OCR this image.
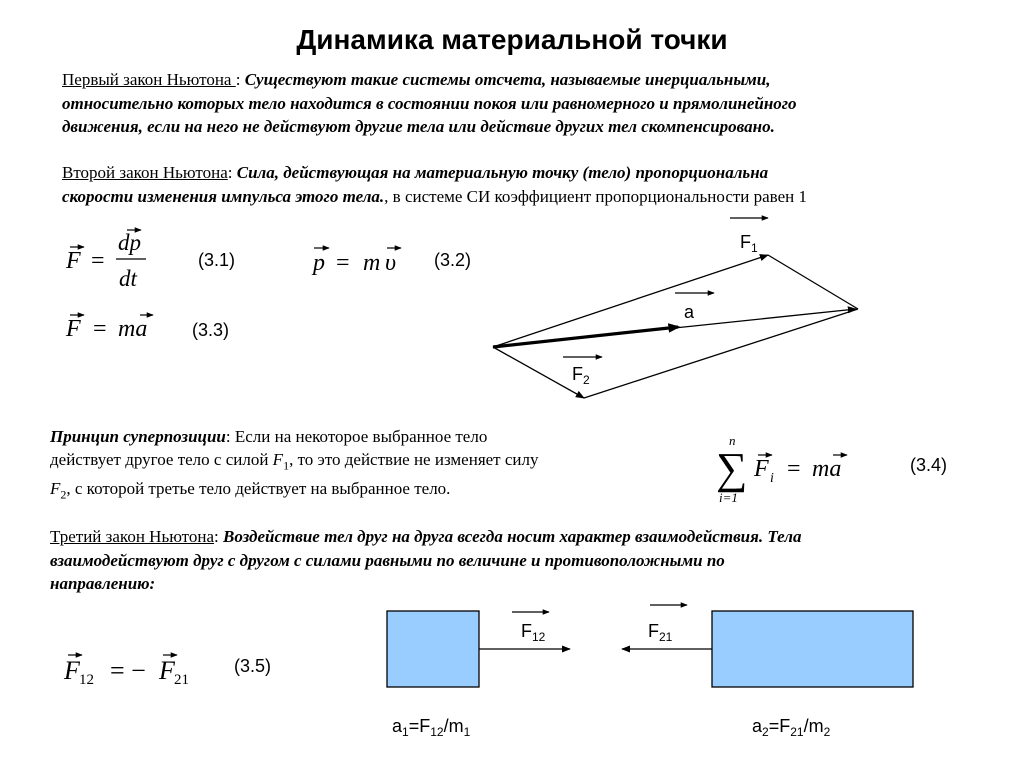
Динамика материальной точки
Первый закон Ньютона : Существуют такие системы отсчета, называемые инерциальными,
относительно которых тело находится в состоянии покоя или равномерного и прямолинейного
движения, если на него не действуют другие тела или действие других тел скомпенсировано.
Второй закон Ньютона: Сила, действующая на материальную точку (тело) пропорциональна
скорости изменения импульса этого тела., в системе СИ коэффициент пропорциональности равен 1
Принцип суперпозиции: Если на некоторое выбранное тело
действует другое тело с силой $F_1$, то это действие не изменяет силу
$F_2$, с которой третье тело действует на выбранное тело.
Третий закон Ньютона: Воздействие тел друг на друга всегда носит характер взаимодействия. Тела
взаимодействуют друг с другом с силами равными по величине и противоположными по
направлению:
(3.1)	(3.2)
(3.3)
(3.4)
(3.5)
$F_1$
a
$F_2$
$F_{12}$	$F_{21}$
$a_1=F_{12}/m_1$	$a_2=F_{21}/m_2$
F =
dp
dt
p = m υ
F = ma
n
∑
i=1
F i = ma
F 12 = − F 21
